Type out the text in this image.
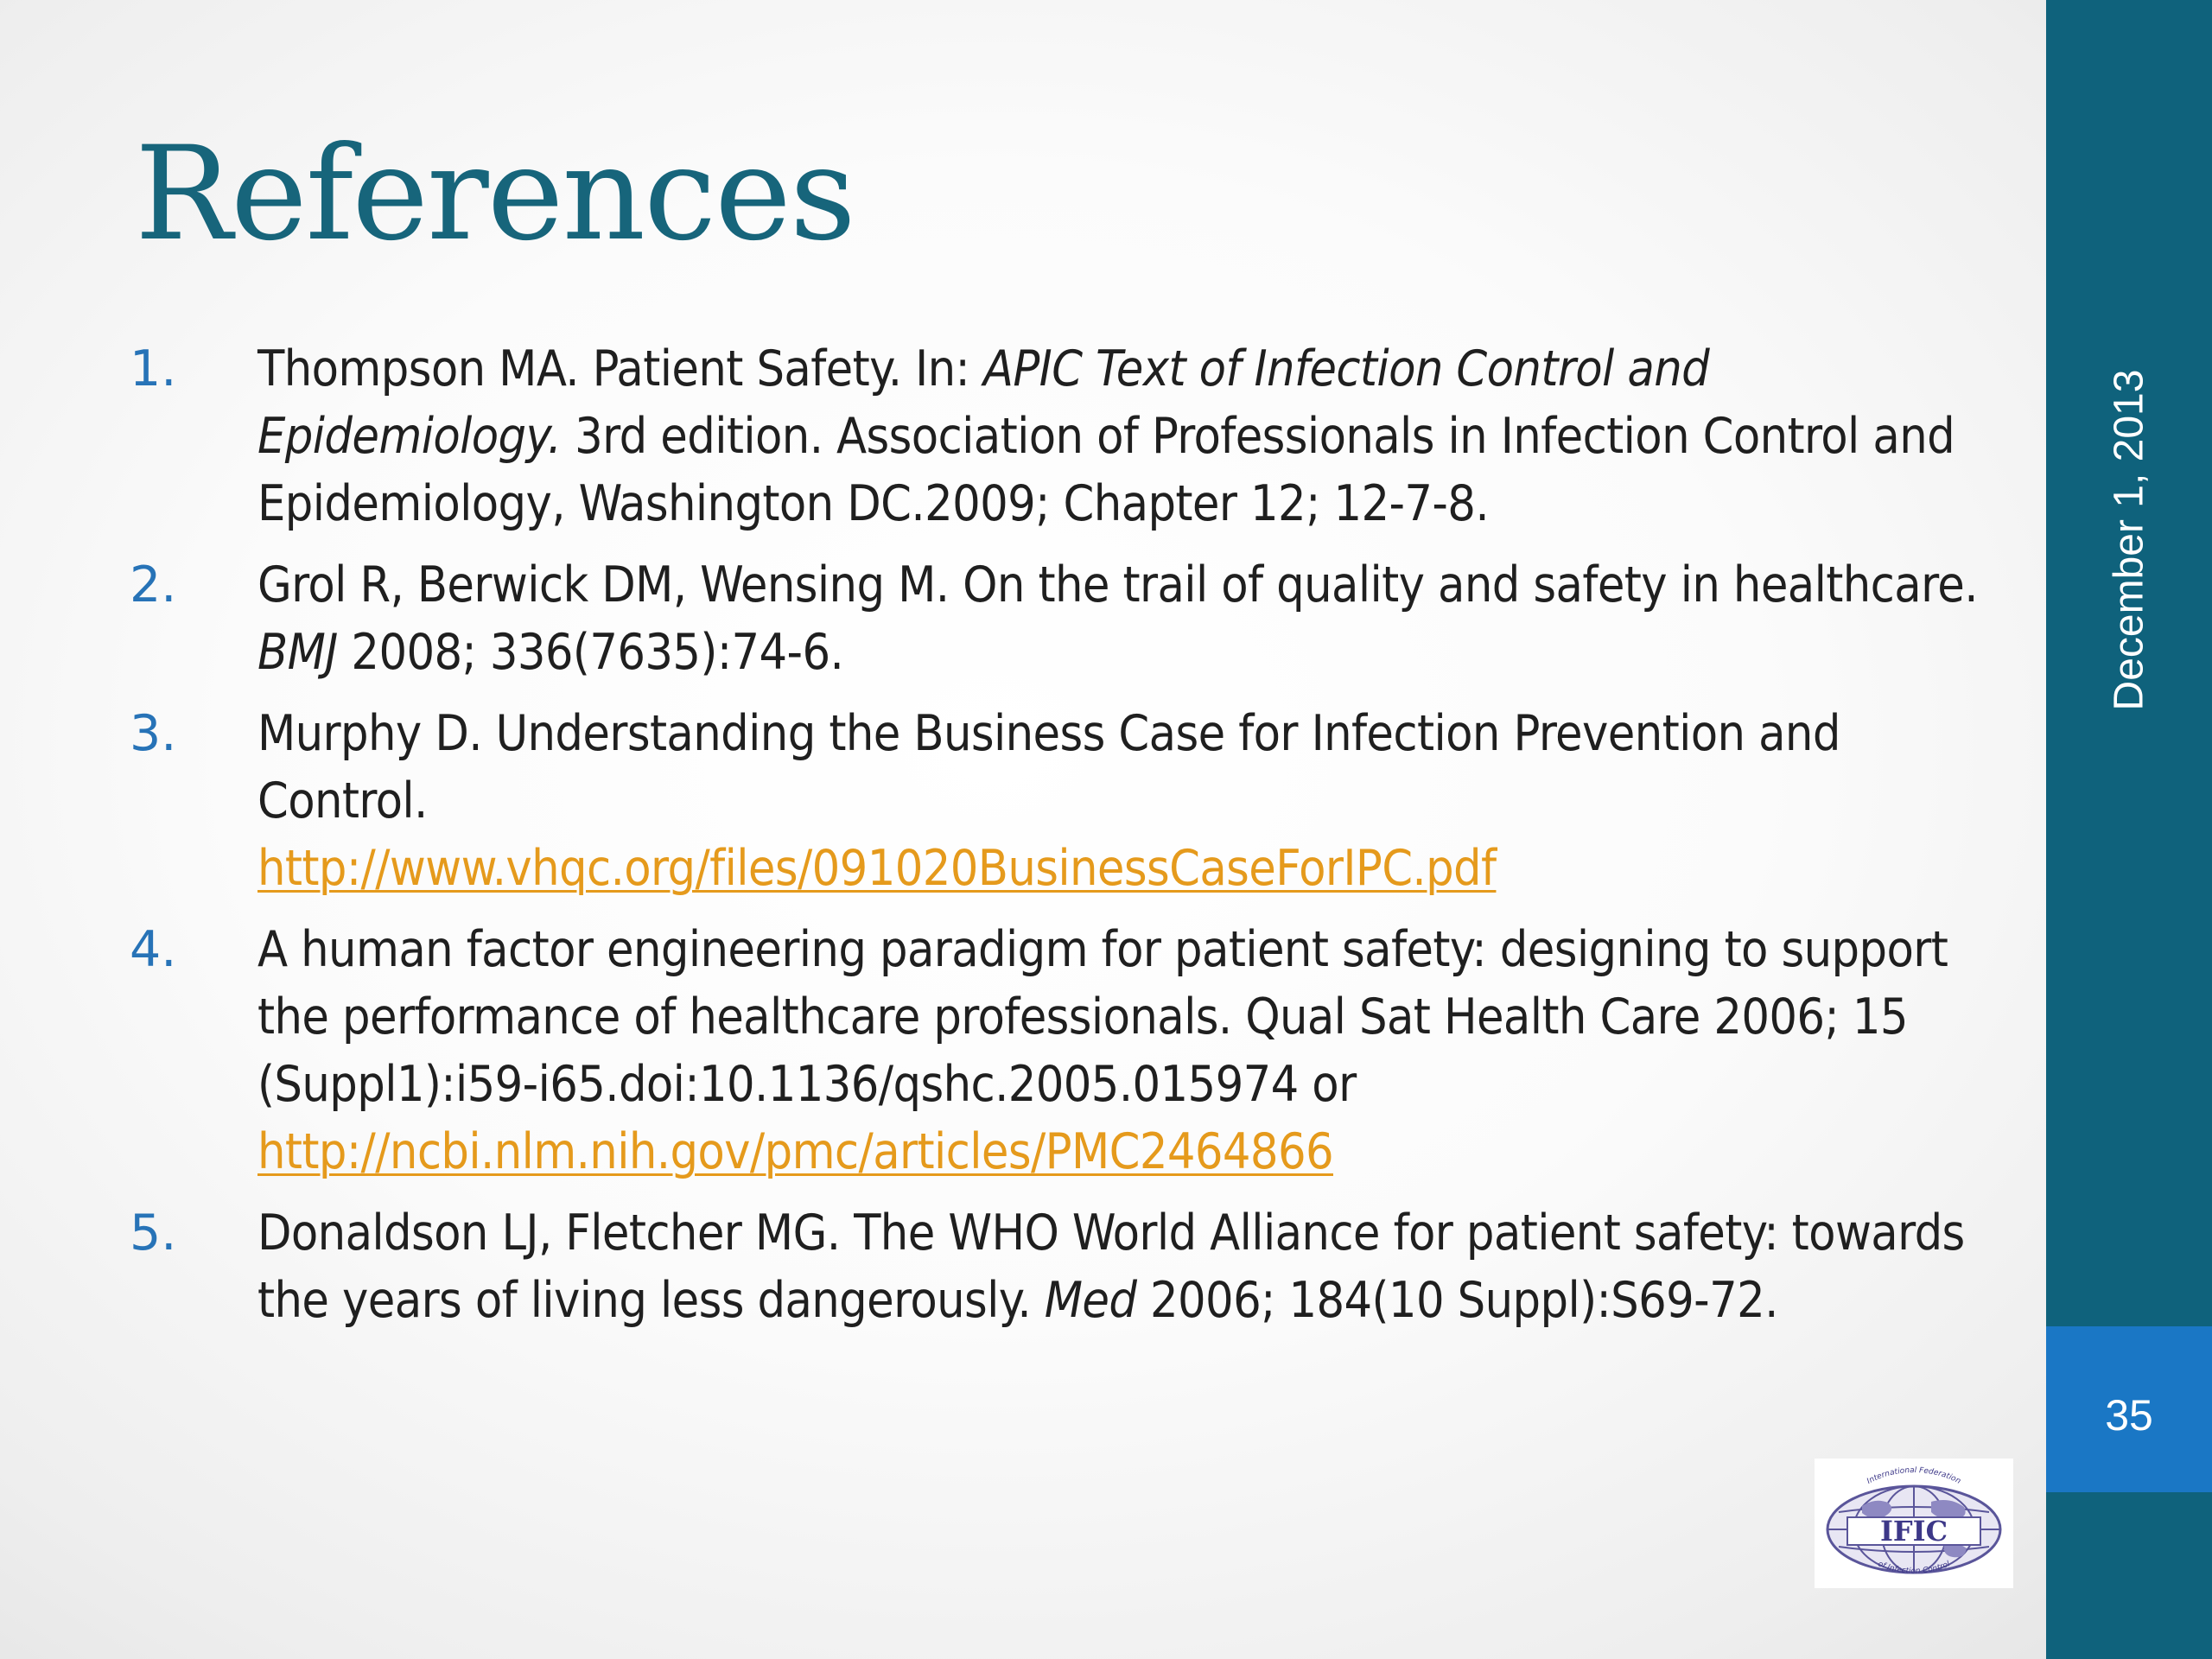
References
1.	Thompson MA. Patient Safety. In: APIC Text of Infection Control and Epidemiology. 3rd edition. Association of Professionals in Infection Control and Epidemiology, Washington DC.2009; Chapter 12; 12-7-8.
2.	Grol R, Berwick DM, Wensing M. On the trail of quality and safety in healthcare. BMJ 2008; 336(7635):74-6.
3.	Murphy D. Understanding the Business Case for Infection Prevention and Control.
http://www.vhqc.org/files/091020BusinessCaseForIPC.pdf
4.	A human factor engineering paradigm for patient safety: designing to support the performance of healthcare professionals. Qual Sat Health Care 2006; 15 (Suppl1):i59-i65.doi:10.1136/qshc.2005.015974 or
http://ncbi.nlm.nih.gov/pmc/articles/PMC2464866
5.	Donaldson LJ, Fletcher MG. The WHO World Alliance for patient safety: towards the years of living less dangerously. Med 2006; 184(10 Suppl):S69-72.
December 1, 2013
35
IFIC
International Federation
of Infection Control
